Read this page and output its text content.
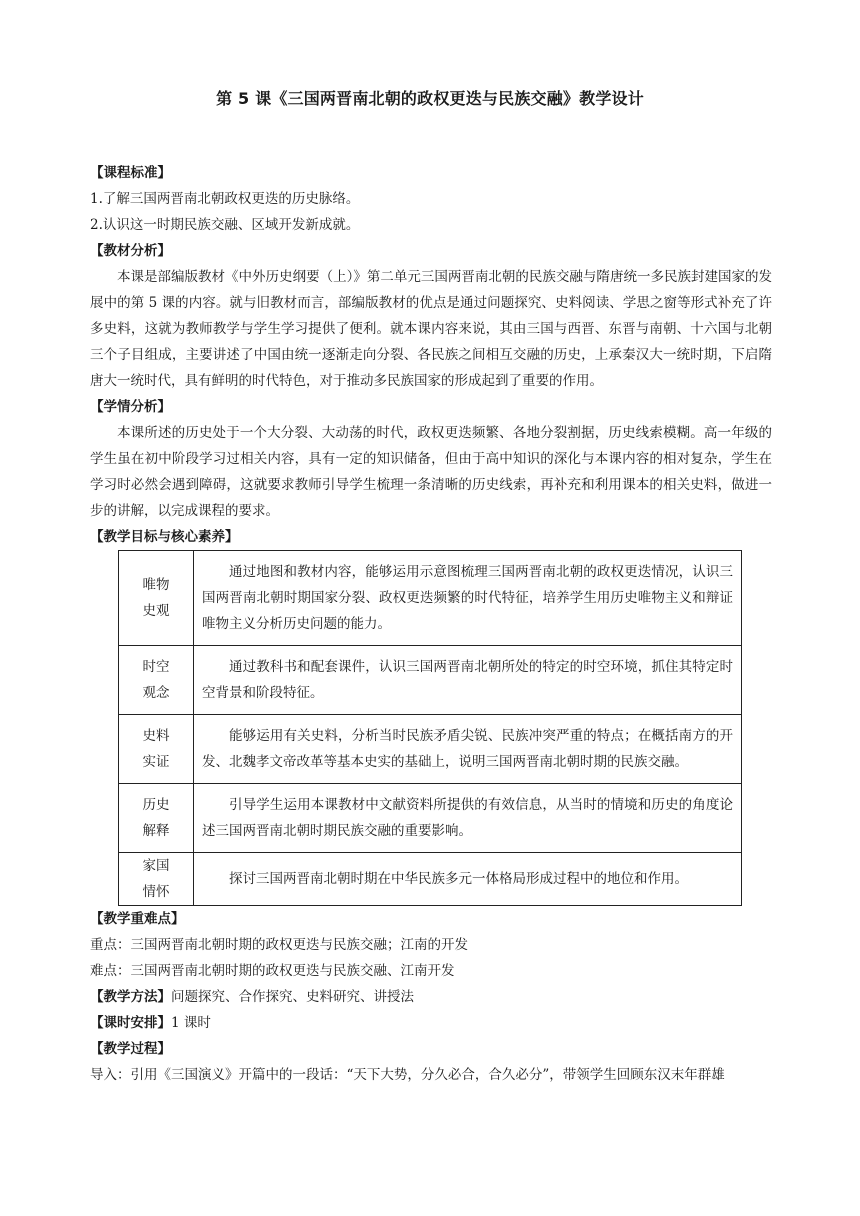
第 5 课《三国两晋南北朝的政权更迭与民族交融》教学设计
【课程标准】
1.了解三国两晋南北朝政权更迭的历史脉络。
2.认识这一时期民族交融、区域开发新成就。
【教材分析】

本课是部编版教材《中外历史纲要（上）》第二单元三国两晋南北朝的民族交融与隋唐统一多民族封建国家的发展中的第 5 课的内容。就与旧教材而言，部编版教材的优点是通过问题探究、史料阅读、学思之窗等形式补充了许多史料，这就为教师教学与学生学习提供了便利。就本课内容来说，其由三国与西晋、东晋与南朝、十六国与北朝三个子目组成，主要讲述了中国由统一逐渐走向分裂、各民族之间相互交融的历史，上承秦汉大一统时期，下启隋唐大一统时代，具有鲜明的时代特色，对于推动多民族国家的形成起到了重要的作用。

【学情分析】

本课所述的历史处于一个大分裂、大动荡的时代，政权更迭频繁、各地分裂割据，历史线索模糊。高一年级的学生虽在初中阶段学习过相关内容，具有一定的知识储备，但由于高中知识的深化与本课内容的相对复杂，学生在学习时必然会遇到障碍，这就要求教师引导学生梳理一条清晰的历史线索，再补充和利用课本的相关史料，做进一步的讲解，以完成课程的要求。

【教学目标与核心素养】
唯物
史观	通过地图和教材内容，能够运用示意图梳理三国两晋南北朝的政权更迭情况，认识三国两晋南北朝时期国家分裂、政权更迭频繁的时代特征，培养学生用历史唯物主义和辩证唯物主义分析历史问题的能力。

时空
观念	通过教科书和配套课件，认识三国两晋南北朝所处的特定的时空环境，抓住其特定时空背景和阶段特征。

史料
实证	能够运用有关史料，分析当时民族矛盾尖锐、民族冲突严重的特点；在概括南方的开发、北魏孝文帝改革等基本史实的基础上，说明三国两晋南北朝时期的民族交融。

历史
解释	引导学生运用本课教材中文献资料所提供的有效信息，从当时的情境和历史的角度论述三国两晋南北朝时期民族交融的重要影响。

家国
情怀	探讨三国两晋南北朝时期在中华民族多元一体格局形成过程中的地位和作用。
【教学重难点】
重点：三国两晋南北朝时期的政权更迭与民族交融；江南的开发
难点：三国两晋南北朝时期的政权更迭与民族交融、江南开发
【教学方法】问题探究、合作探究、史料研究、讲授法
【课时安排】1 课时
【教学过程】
导入：引用《三国演义》开篇中的一段话：“天下大势，分久必合，合久必分”，带领学生回顾东汉末年群雄
